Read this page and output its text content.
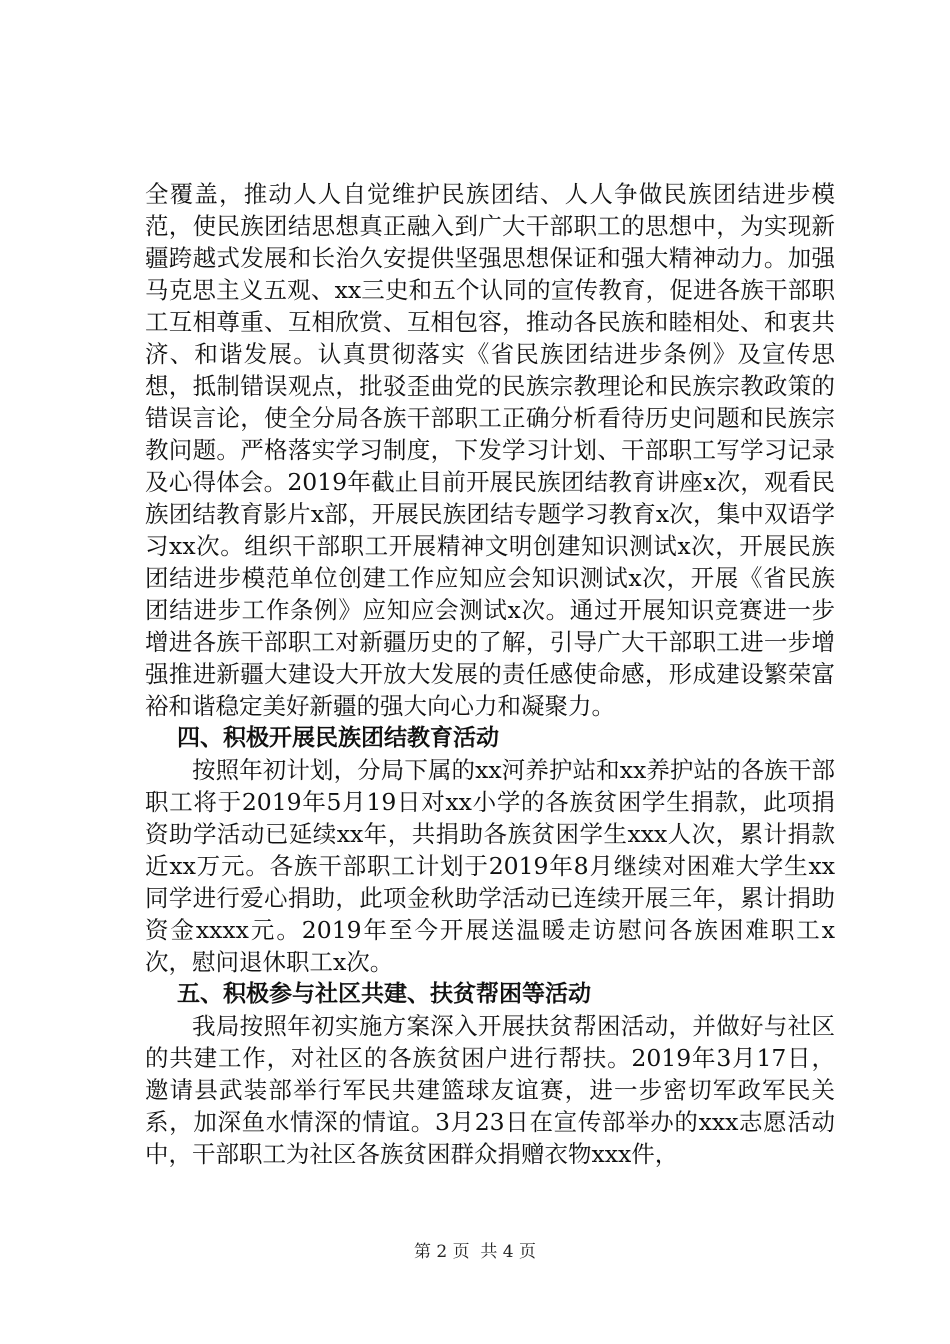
全覆盖，推动人人自觉维护民族团结、人人争做民族团结进步模范，使民族团结思想真正融入到广大干部职工的思想中，为实现新疆跨越式发展和长治久安提供坚强思想保证和强大精神动力。加强马克思主义五观、xx三史和五个认同的宣传教育，促进各族干部职工互相尊重、互相欣赏、互相包容，推动各民族和睦相处、和衷共济、和谐发展。认真贯彻落实《省民族团结进步条例》及宣传思想，抵制错误观点，批驳歪曲党的民族宗教理论和民族宗教政策的错误言论，使全分局各族干部职工正确分析看待历史问题和民族宗教问题。严格落实学习制度，下发学习计划、干部职工写学习记录及心得体会。2019年截止目前开展民族团结教育讲座x次，观看民族团结教育影片x部，开展民族团结专题学习教育x次，集中双语学习xx次。组织干部职工开展精神文明创建知识测试x次，开展民族团结进步模范单位创建工作应知应会知识测试x次，开展《省民族团结进步工作条例》应知应会测试x次。通过开展知识竞赛进一步增进各族干部职工对新疆历史的了解，引导广大干部职工进一步增强推进新疆大建设大开放大发展的责任感使命感，形成建设繁荣富裕和谐稳定美好新疆的强大向心力和凝聚力。

四、积极开展民族团结教育活动

按照年初计划，分局下属的xx河养护站和xx养护站的各族干部职工将于2019年5月19日对xx小学的各族贫困学生捐款，此项捐资助学活动已延续xx年，共捐助各族贫困学生xxx人次，累计捐款近xx万元。各族干部职工计划于2019年8月继续对困难大学生xx同学进行爱心捐助，此项金秋助学活动已连续开展三年，累计捐助资金xxxx元。2019年至今开展送温暖走访慰问各族困难职工x次，慰问退休职工x次。

五、积极参与社区共建、扶贫帮困等活动

我局按照年初实施方案深入开展扶贫帮困活动，并做好与社区的共建工作，对社区的各族贫困户进行帮扶。2019年3月17日，邀请县武装部举行军民共建篮球友谊赛，进一步密切军政军民关系，加深鱼水情深的情谊。3月23日在宣传部举办的xxx志愿活动中，干部职工为社区各族贫困群众捐赠衣物xxx件，

第 2 页  共 4 页
